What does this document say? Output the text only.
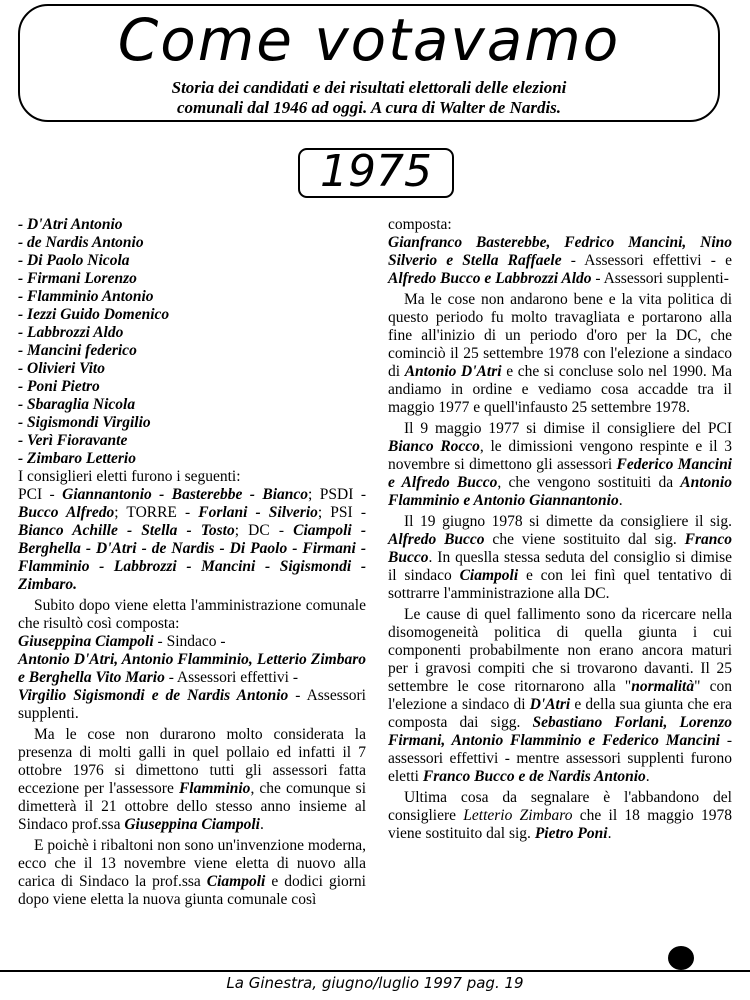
Come votavamo
Storia dei candidati e dei risultati elettorali delle elezioni
comunali dal 1946 ad oggi. A cura di Walter de Nardis.
1975
- D'Atri Antonio
- de Nardis Antonio
- Di Paolo Nicola
- Firmani Lorenzo
- Flamminio Antonio
- Iezzi Guido Domenico
- Labbrozzi Aldo
- Mancini federico
- Olivieri Vito
- Poni Pietro
- Sbaraglia Nicola
- Sigismondi Virgilio
- Verì Fioravante
- Zimbaro Letterio

I consiglieri eletti furono i seguenti:

PCI - Giannantonio - Basterebbe - Bianco; PSDI - Bucco Alfredo; TORRE - Forlani - Silverio; PSI - Bianco Achille - Stella - Tosto; DC - Ciampoli - Berghella - D'Atri - de Nardis - Di Paolo - Firmani - Flamminio - Labbrozzi - Mancini - Sigismondi - Zimbaro.

Subito dopo viene eletta l'amministrazione comunale che risultò così composta:
Giuseppina Ciampoli - Sindaco -
Antonio D'Atri, Antonio Flamminio, Letterio Zimbaro e Berghella Vito Mario - Assessori effettivi -
Virgilio Sigismondi e de Nardis Antonio - Assessori supplenti.

Ma le cose non durarono molto considerata la presenza di molti galli in quel pollaio ed infatti il 7 ottobre 1976 si dimettono tutti gli assessori fatta eccezione per l'assessore Flamminio, che comunque si dimetterà il 21 ottobre dello stesso anno insieme al Sindaco prof.ssa Giuseppina Ciampoli.

E poichè i ribaltoni non sono un'invenzione moderna, ecco che il 13 novembre viene eletta di nuovo alla carica di Sindaco la prof.ssa Ciampoli e dodici giorni dopo viene eletta la nuova giunta comunale così

composta:
Gianfranco Basterebbe, Fedrico Mancini, Nino Silverio e Stella Raffaele - Assessori effettivi - e Alfredo Bucco e Labbrozzi Aldo - Assessori supplenti-

Ma le cose non andarono bene e la vita politica di questo periodo fu molto travagliata e portarono alla fine all'inizio di un periodo d'oro per la DC, che cominciò il 25 settembre 1978 con l'elezione a sindaco di Antonio D'Atri e che si concluse solo nel 1990. Ma andiamo in ordine e vediamo cosa accadde tra il maggio 1977 e quell'infausto 25 settembre 1978.

Il 9 maggio 1977 si dimise il consigliere del PCI Bianco Rocco, le dimissioni vengono respinte e il 3 novembre si dimettono gli assessori Federico Mancini e Alfredo Bucco, che vengono sostituiti da Antonio Flamminio e Antonio Giannantonio.

Il 19 giugno 1978 si dimette da consigliere il sig. Alfredo Bucco che viene sostituito dal sig. Franco Bucco. In queslla stessa seduta del consiglio si dimise il sindaco Ciampoli e con lei finì quel tentativo di sottrarre l'amministrazione alla DC.

Le cause di quel fallimento sono da ricercare nella disomogeneità politica di quella giunta i cui componenti probabilmente non erano ancora maturi per i gravosi compiti che si trovarono davanti. Il 25 settembre le cose ritornarono alla "normalità" con l'elezione a sindaco di D'Atri e della sua giunta che era composta dai sigg. Sebastiano Forlani, Lorenzo Firmani, Antonio Flamminio e Federico Mancini - assessori effettivi - mentre assessori supplenti furono eletti Franco Bucco e de Nardis Antonio.

Ultima cosa da segnalare è l'abbandono del consigliere Letterio Zimbaro che il 18 maggio 1978 viene sostituito dal sig. Pietro Poni.

La Ginestra, giugno/luglio 1997 pag. 19
